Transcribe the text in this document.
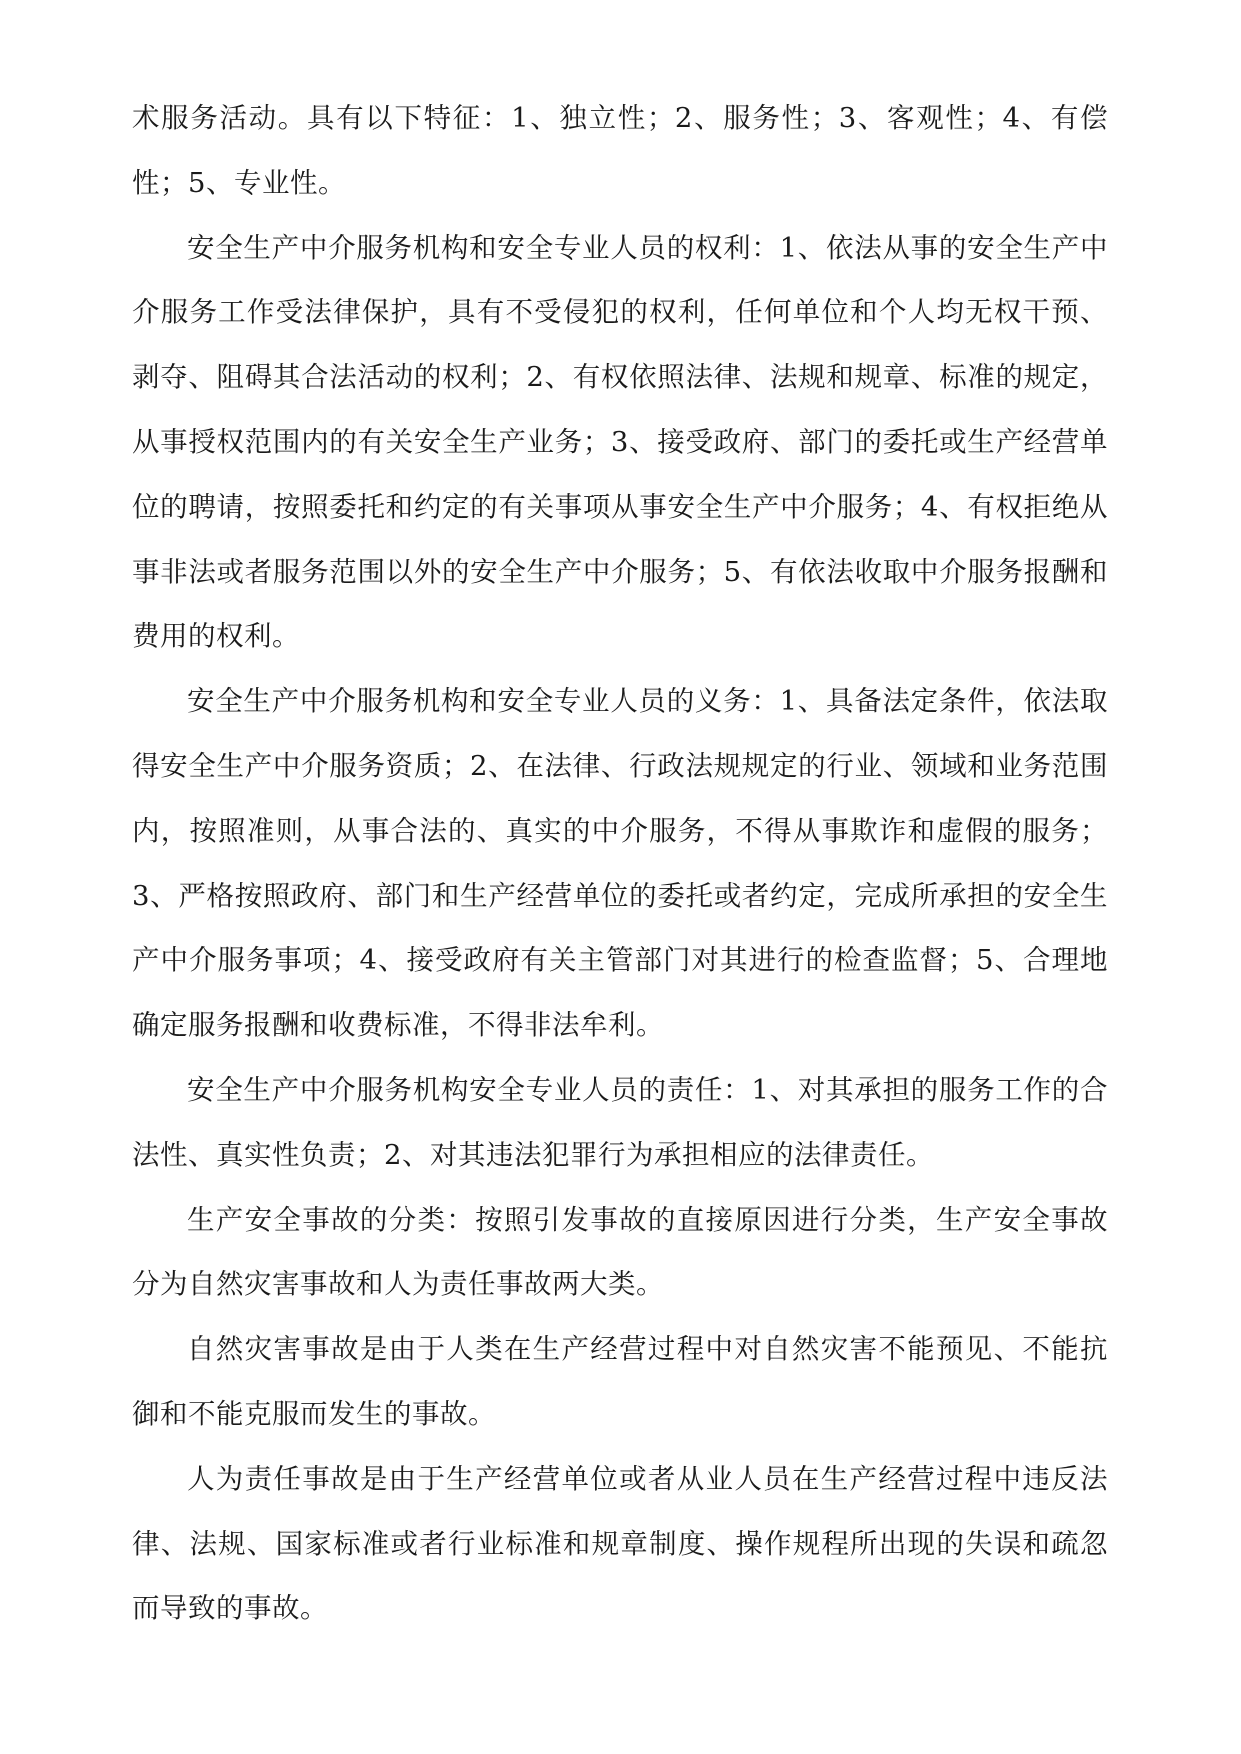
术服务活动。具有以下特征：1、独立性；2、服务性；3、客观性；4、有偿性；5、专业性。

安全生产中介服务机构和安全专业人员的权利：1、依法从事的安全生产中介服务工作受法律保护，具有不受侵犯的权利，任何单位和个人均无权干预、剥夺、阻碍其合法活动的权利；2、有权依照法律、法规和规章、标准的规定，从事授权范围内的有关安全生产业务；3、接受政府、部门的委托或生产经营单位的聘请，按照委托和约定的有关事项从事安全生产中介服务；4、有权拒绝从事非法或者服务范围以外的安全生产中介服务；5、有依法收取中介服务报酬和费用的权利。

安全生产中介服务机构和安全专业人员的义务：1、具备法定条件，依法取得安全生产中介服务资质；2、在法律、行政法规规定的行业、领域和业务范围内，按照准则，从事合法的、真实的中介服务，不得从事欺诈和虚假的服务；3、严格按照政府、部门和生产经营单位的委托或者约定，完成所承担的安全生产中介服务事项；4、接受政府有关主管部门对其进行的检查监督；5、合理地确定服务报酬和收费标准，不得非法牟利。

安全生产中介服务机构安全专业人员的责任：1、对其承担的服务工作的合法性、真实性负责；2、对其违法犯罪行为承担相应的法律责任。

生产安全事故的分类：按照引发事故的直接原因进行分类，生产安全事故分为自然灾害事故和人为责任事故两大类。

自然灾害事故是由于人类在生产经营过程中对自然灾害不能预见、不能抗御和不能克服而发生的事故。

人为责任事故是由于生产经营单位或者从业人员在生产经营过程中违反法律、法规、国家标准或者行业标准和规章制度、操作规程所出现的失误和疏忽而导致的事故。
